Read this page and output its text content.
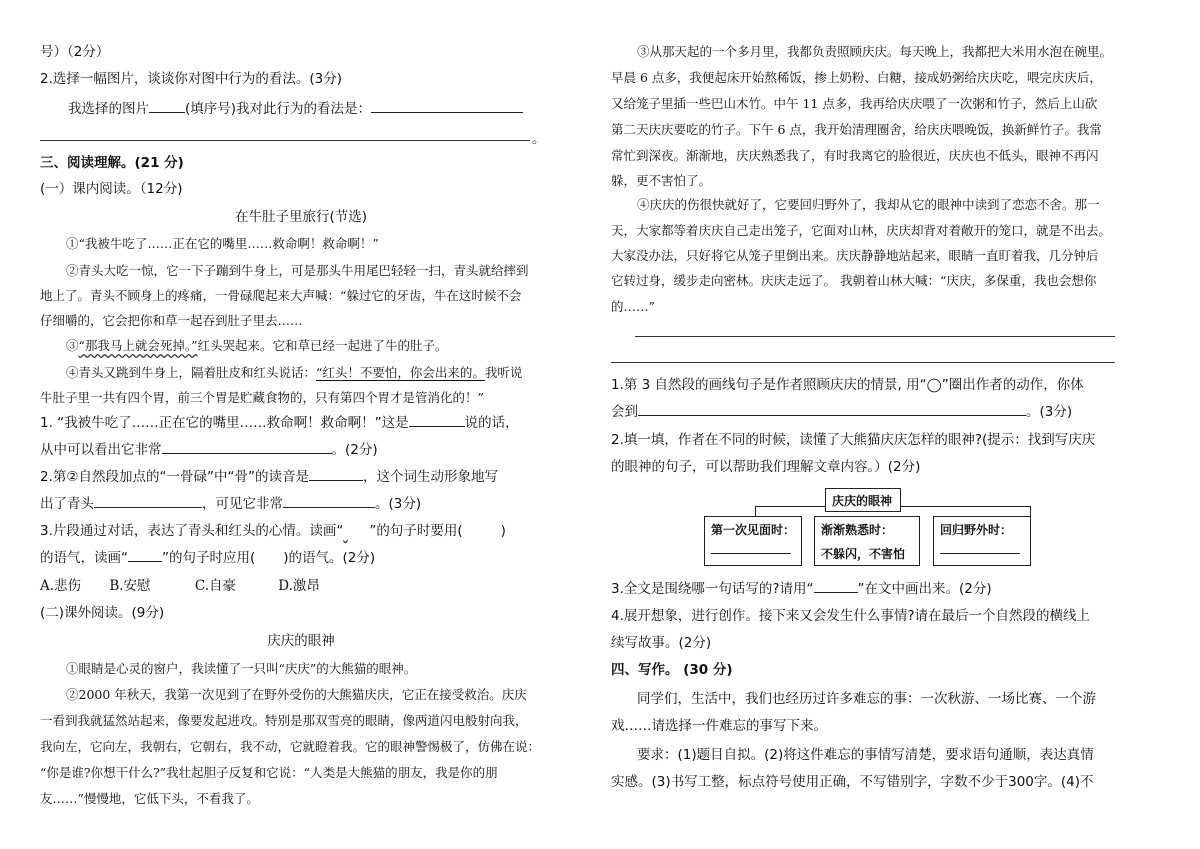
号）（2分）
2.选择一幅图片，谈谈你对图中行为的看法。(3分)
我选择的图片	(填序号)我对此行为的看法是：
。
三、阅读理解。(21 分)
(一）课内阅读。（12分)
在牛肚子里旅行(节选)
①“我被牛吃了……正在它的嘴里……救命啊！救命啊！”
②青头大吃一惊，它一下子蹦到牛身上，可是那头牛用尾巴轻轻一扫，青头就给摔到
地上了。青头不顾身上的疼痛，一骨碌爬起来大声喊：“躲过它的牙齿，牛在这时候不会
仔细嚼的，它会把你和草一起吞到肚子里去……
③“那我马上就会死掉。”红头哭起来。它和草已经一起进了牛的肚子。
④青头又跳到牛身上，隔着肚皮和红头说话：“红头！不要怕，你会出来的。我听说
牛肚子里一共有四个胃，前三个胃是贮藏食物的，只有第四个胃才是管消化的！”
1. “我被牛吃了……正在它的嘴里……救命啊！救命啊！”这是	说的话，
从中可以看出它非常	。(2分)
2.第②自然段加点的“一骨碌”中“骨”的读音是	，这个词生动形象地写
出了青头	，可见它非常	。(3分)
3.片段通过对话，表达了青头和红头的心情。读画“ ”的句子时要用(	)
的语气，读画“	”的句子时应用( )的语气。(2分)
A.悲伤 B.安慰	C.自豪	D.激昂
(二)课外阅读。(9分)
庆庆的眼神
①眼睛是心灵的窗户，我读懂了一只叫“庆庆”的大熊猫的眼神。
②2000 年秋天，我第一次见到了在野外受伤的大熊猫庆庆，它正在接受救治。庆庆
一看到我就猛然站起来，像要发起进攻。特别是那双雪亮的眼睛，像两道闪电般射向我，
我向左，它向左，我朝右，它朝右，我不动，它就瞪着我。它的眼神警惕极了，仿佛在说：
“你是谁?你想干什么?”我壮起胆子反复和它说：“人类是大熊猫的朋友，我是你的朋
友……”慢慢地，它低下头，不看我了。
③从那天起的一个多月里，我都负责照顾庆庆。每天晚上，我都把大米用水泡在碗里。
早晨 6 点多，我便起床开始熬稀饭，掺上奶粉、白糖，接成奶粥给庆庆吃，喂完庆庆后，
又给笼子里插一些巴山木竹。中午 11 点多，我再给庆庆喂了一次粥和竹子，然后上山砍
第二天庆庆要吃的竹子。下午 6 点，我开始清理圈舍，给庆庆喂晚饭，换新鲜竹子。我常
常忙到深夜。渐渐地，庆庆熟悉我了，有时我离它的脸很近，庆庆也不低头，眼神不再闪
躲，更不害怕了。
④庆庆的伤很快就好了，它要回归野外了，我却从它的眼神中读到了恋恋不舍。那一
天，大家都等着庆庆自己走出笼子，它面对山林，庆庆却背对着敞开的笼口，就是不出去。
大家没办法，只好将它从笼子里倒出来。庆庆静静地站起来，眼睛一直盯着我，几分钟后
它转过身，缓步走向密林。庆庆走远了。 我朝着山林大喊：“庆庆，多保重，我也会想你
的……”
1.第 3 自然段的画线句子是作者照顾庆庆的情景, 用“◯”圈出作者的动作，你体
会到	。(3分)
2.填一填，作者在不同的时候，读懂了大熊猫庆庆怎样的眼神?(提示：找到写庆庆
的眼神的句子，可以帮助我们理解文章内容。）(2分)
庆庆的眼神
第一次见面时： 渐渐熟悉时：
不躲闪，不害怕
回归野外时：
3.全文是围绕哪一句话写的?请用“	”在文中画出来。(2分)
4.展开想象，进行创作。接下来又会发生什么事情?请在最后一个自然段的横线上
续写故事。(2分)
四、写作。 (30 分)
同学们，生活中，我们也经历过许多难忘的事：一次秋游、一场比赛、一个游
戏……请选择一件难忘的事写下来。
要求：(1)题目自拟。(2)将这件难忘的事情写清楚，要求语句通顺，表达真情
实感。(3)书写工整，标点符号使用正确，不写错别字，字数不少于300字。(4)不
